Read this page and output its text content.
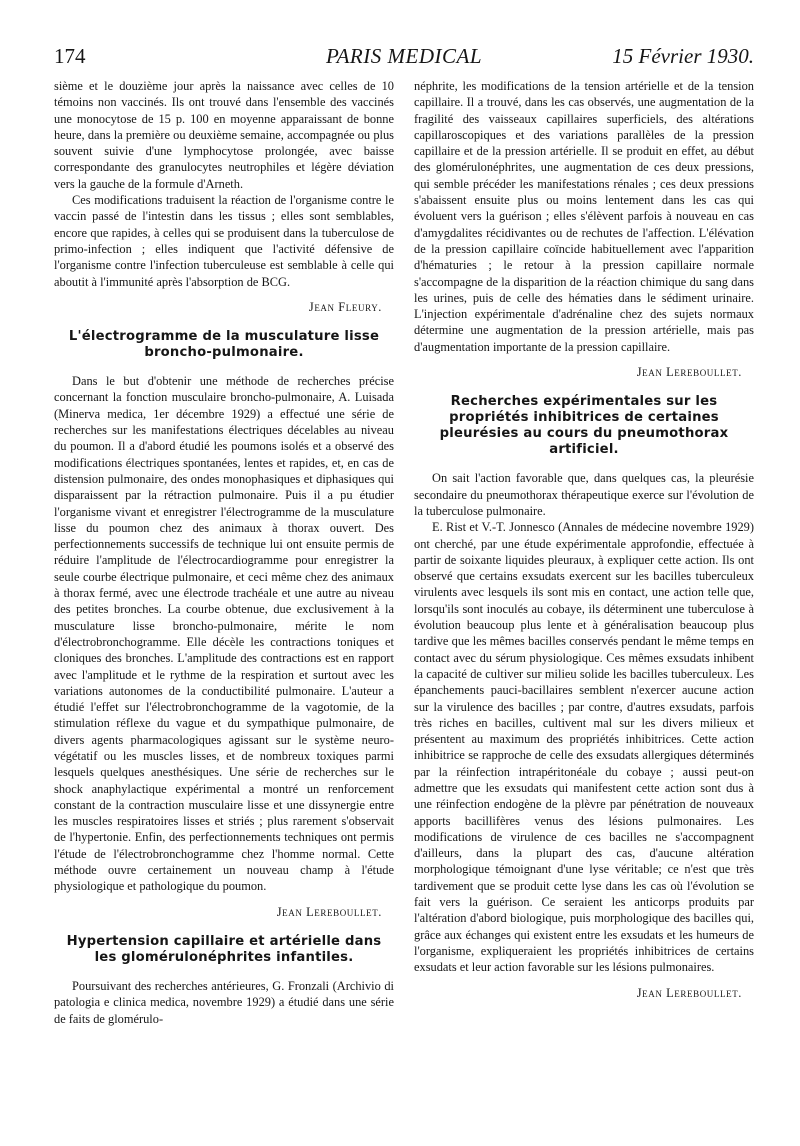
174	PARIS MEDICAL	15 Février 1930.

sième et le douzième jour après la naissance avec celles de 10 témoins non vaccinés. Ils ont trouvé dans l'ensemble des vaccinés une monocytose de 15 p. 100 en moyenne apparaissant de bonne heure, dans la première ou deuxième semaine, accompagnée ou plus souvent suivie d'une lymphocytose prolongée, avec baisse correspondante des granulocytes neutrophiles et légère déviation vers la gauche de la formule d'Arneth.

Ces modifications traduisent la réaction de l'organisme contre le vaccin passé de l'intestin dans les tissus ; elles sont semblables, encore que rapides, à celles qui se produisent dans la tuberculose de primo-infection ; elles indiquent que l'activité défensive de l'organisme contre l'infection tuberculeuse est semblable à celle qui aboutit à l'immunité après l'absorption de BCG.

Jean Fleury.
L'électrogramme de la musculature lisse broncho-pulmonaire.

Dans le but d'obtenir une méthode de recherches précise concernant la fonction musculaire broncho-pulmonaire, A. Luisada (Minerva medica, 1er décembre 1929) a effectué une série de recherches sur les manifestations électriques décelables au niveau du poumon. Il a d'abord étudié les poumons isolés et a observé des modifications électriques spontanées, lentes et rapides, et, en cas de distension pulmonaire, des ondes monophasiques et diphasiques qui disparaissent par la rétraction pulmonaire. Puis il a pu étudier l'organisme vivant et enregistrer l'électrogramme de la musculature lisse du poumon chez des animaux à thorax ouvert. Des perfectionnements successifs de technique lui ont ensuite permis de réduire l'amplitude de l'électrocardiogramme pour enregistrer la seule courbe électrique pulmonaire, et ceci même chez des animaux à thorax fermé, avec une électrode trachéale et une autre au niveau des petites bronches. La courbe obtenue, due exclusivement à la musculature lisse broncho-pulmonaire, mérite le nom d'électrobronchogramme. Elle décèle les contractions toniques et cloniques des bronches. L'amplitude des contractions est en rapport avec l'amplitude et le rythme de la respiration et surtout avec les variations autonomes de la conductibilité pulmonaire. L'auteur a étudié l'effet sur l'électrobronchogramme de la vagotomie, de la stimulation réflexe du vague et du sympathique pulmonaire, de divers agents pharmacologiques agissant sur le système neuro-végétatif ou les muscles lisses, et de nombreux toxiques parmi lesquels quelques anesthésiques. Une série de recherches sur le shock anaphylactique expérimental a montré un renforcement constant de la contraction musculaire lisse et une dissynergie entre les muscles respiratoires lisses et striés ; plus rarement s'observait de l'hypertonie. Enfin, des perfectionnements techniques ont permis l'étude de l'électrobronchogramme chez l'homme normal. Cette méthode ouvre certainement un nouveau champ à l'étude physiologique et pathologique du poumon.

Jean Lereboullet.
Hypertension capillaire et artérielle dans les glomérulonéphrites infantiles.

Poursuivant des recherches antérieures, G. Fronzali (Archivio di patologia e clinica medica, novembre 1929) a étudié dans une série de faits de glomérulo-

néphrite, les modifications de la tension artérielle et de la tension capillaire. Il a trouvé, dans les cas observés, une augmentation de la fragilité des vaisseaux capillaires superficiels, des altérations capillaroscopiques et des variations parallèles de la pression capillaire et de la pression artérielle. Il se produit en effet, au début des glomérulonéphrites, une augmentation de ces deux pressions, qui semble précéder les manifestations rénales ; ces deux pressions s'abaissent ensuite plus ou moins lentement dans les cas qui évoluent vers la guérison ; elles s'élèvent parfois à nouveau en cas d'amygdalites récidivantes ou de rechutes de l'affection. L'élévation de la pression capillaire coïncide habituellement avec l'apparition d'hématuries ; le retour à la pression capillaire normale s'accompagne de la disparition de la réaction chimique du sang dans les urines, puis de celle des hématies dans le sédiment urinaire. L'injection expérimentale d'adrénaline chez des sujets normaux détermine une augmentation de la pression artérielle, mais pas d'augmentation importante de la pression capillaire.

Jean Lereboullet.
Recherches expérimentales sur les propriétés inhibitrices de certaines pleurésies au cours du pneumothorax artificiel.

On sait l'action favorable que, dans quelques cas, la pleurésie secondaire du pneumothorax thérapeutique exerce sur l'évolution de la tuberculose pulmonaire.

E. Rist et V.-T. Jonnesco (Annales de médecine novembre 1929) ont cherché, par une étude expérimentale approfondie, effectuée à partir de soixante liquides pleuraux, à expliquer cette action. Ils ont observé que certains exsudats exercent sur les bacilles tuberculeux virulents avec lesquels ils sont mis en contact, une action telle que, lorsqu'ils sont inoculés au cobaye, ils déterminent une tuberculose à évolution beaucoup plus lente et à généralisation beaucoup plus tardive que les mêmes bacilles conservés pendant le même temps en contact avec du sérum physiologique. Ces mêmes exsudats inhibent la capacité de cultiver sur milieu solide les bacilles tuberculeux. Les épanchements pauci-bacillaires semblent n'exercer aucune action sur la virulence des bacilles ; par contre, d'autres exsudats, parfois très riches en bacilles, cultivent mal sur les divers milieux et présentent au maximum des propriétés inhibitrices. Cette action inhibitrice se rapproche de celle des exsudats allergiques déterminés par la réinfection intrapéritonéale du cobaye ; aussi peut-on admettre que les exsudats qui manifestent cette action sont dus à une réinfection endogène de la plèvre par pénétration de nouveaux apports bacillifères venus des lésions pulmonaires. Les modifications de virulence de ces bacilles ne s'accompagnent d'ailleurs, dans la plupart des cas, d'aucune altération morphologique témoignant d'une lyse véritable; ce n'est que très tardivement que se produit cette lyse dans les cas où l'évolution se fait vers la guérison. Ce seraient les anticorps produits par l'altération d'abord biologique, puis morphologique des bacilles qui, grâce aux échanges qui existent entre les exsudats et les humeurs de l'organisme, expliqueraient les propriétés inhibitrices de certains exsudats et leur action favorable sur les lésions pulmonaires.

Jean Lereboullet.
